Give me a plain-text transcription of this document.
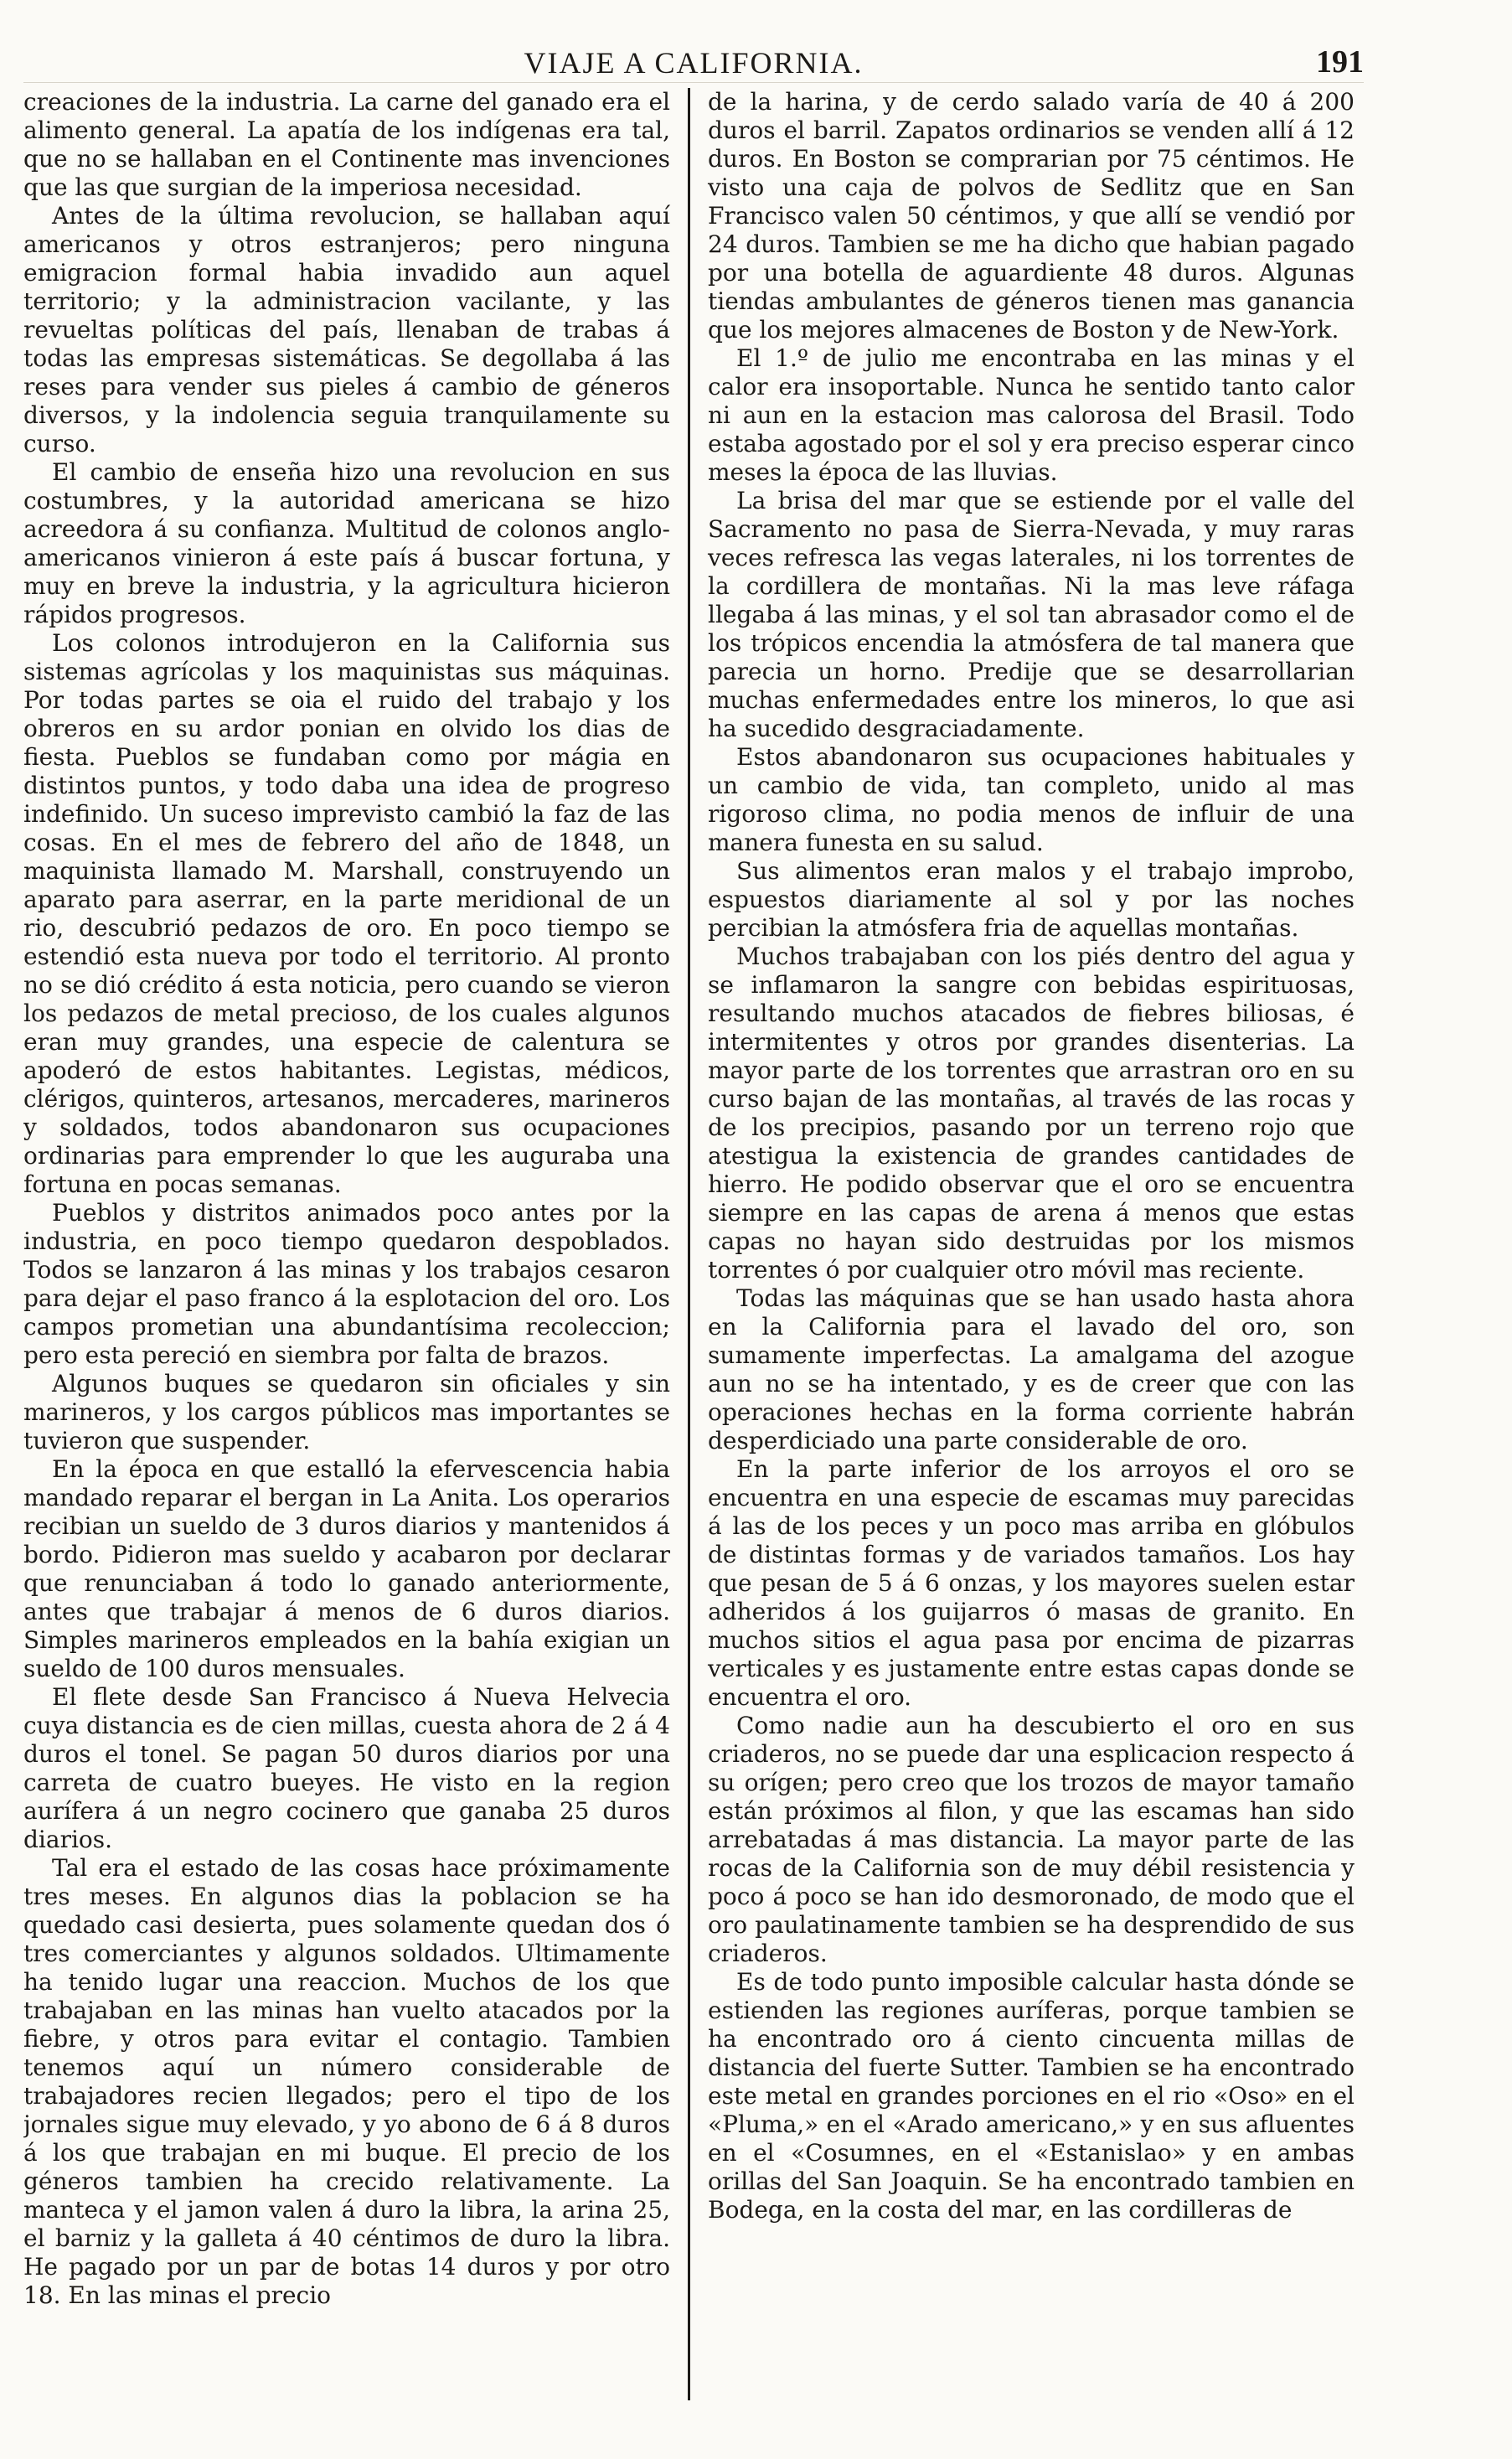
VIAJE A CALIFORNIA.	191

creaciones de la industria. La carne del ganado era el alimento general. La apatía de los indígenas era tal, que no se hallaban en el Continente mas invenciones que las que surgian de la imperiosa necesidad.

Antes de la última revolucion, se hallaban aquí americanos y otros estranjeros; pero ninguna emigracion formal habia invadido aun aquel territorio; y la administracion vacilante, y las revueltas políticas del país, llenaban de trabas á todas las empresas sistemáticas. Se degollaba á las reses para vender sus pieles á cambio de géneros diversos, y la indolencia seguia tranquilamente su curso.

El cambio de enseña hizo una revolucion en sus costumbres, y la autoridad americana se hizo acreedora á su confianza. Multitud de colonos anglo-americanos vinieron á este país á buscar fortuna, y muy en breve la industria, y la agricultura hicieron rápidos progresos.

Los colonos introdujeron en la California sus sistemas agrícolas y los maquinistas sus máquinas. Por todas partes se oia el ruido del trabajo y los obreros en su ardor ponian en olvido los dias de fiesta. Pueblos se fundaban como por mágia en distintos puntos, y todo daba una idea de progreso indefinido. Un suceso imprevisto cambió la faz de las cosas. En el mes de febrero del año de 1848, un maquinista llamado M. Marshall, construyendo un aparato para aserrar, en la parte meridional de un rio, descubrió pedazos de oro. En poco tiempo se estendió esta nueva por todo el territorio. Al pronto no se dió crédito á esta noticia, pero cuando se vieron los pedazos de metal precioso, de los cuales algunos eran muy grandes, una especie de calentura se apoderó de estos habitantes. Legistas, médicos, clérigos, quinteros, artesanos, mercaderes, marineros y soldados, todos abandonaron sus ocupaciones ordinarias para emprender lo que les auguraba una fortuna en pocas semanas.

Pueblos y distritos animados poco antes por la industria, en poco tiempo quedaron despoblados. Todos se lanzaron á las minas y los trabajos cesaron para dejar el paso franco á la esplotacion del oro. Los campos prometian una abundantísima recoleccion; pero esta pereció en siembra por falta de brazos.

Algunos buques se quedaron sin oficiales y sin marineros, y los cargos públicos mas importantes se tuvieron que suspender.

En la época en que estalló la efervescencia habia mandado reparar el bergan in La Anita. Los operarios recibian un sueldo de 3 duros diarios y mantenidos á bordo. Pidieron mas sueldo y acabaron por declarar que renunciaban á todo lo ganado anteriormente, antes que trabajar á menos de 6 duros diarios. Simples marineros empleados en la bahía exigian un sueldo de 100 duros mensuales.

El flete desde San Francisco á Nueva Helvecia cuya distancia es de cien millas, cuesta ahora de 2 á 4 duros el tonel. Se pagan 50 duros diarios por una carreta de cuatro bueyes. He visto en la region aurífera á un negro cocinero que ganaba 25 duros diarios.

Tal era el estado de las cosas hace próximamente tres meses. En algunos dias la poblacion se ha quedado casi desierta, pues solamente quedan dos ó tres comerciantes y algunos soldados. Ultimamente ha tenido lugar una reaccion. Muchos de los que trabajaban en las minas han vuelto atacados por la fiebre, y otros para evitar el contagio. Tambien tenemos aquí un número considerable de trabajadores recien llegados; pero el tipo de los jornales sigue muy elevado, y yo abono de 6 á 8 duros á los que trabajan en mi buque. El precio de los géneros tambien ha crecido relativamente. La manteca y el jamon valen á duro la libra, la arina 25, el barniz y la galleta á 40 céntimos de duro la libra. He pagado por un par de botas 14 duros y por otro 18. En las minas el precio

de la harina, y de cerdo salado varía de 40 á 200 duros el barril. Zapatos ordinarios se venden allí á 12 duros. En Boston se comprarian por 75 céntimos. He visto una caja de polvos de Sedlitz que en San Francisco valen 50 céntimos, y que allí se vendió por 24 duros. Tambien se me ha dicho que habian pagado por una botella de aguardiente 48 duros. Algunas tiendas ambulantes de géneros tienen mas ganancia que los mejores almacenes de Boston y de New-York.

El 1.º de julio me encontraba en las minas y el calor era insoportable. Nunca he sentido tanto calor ni aun en la estacion mas calorosa del Brasil. Todo estaba agostado por el sol y era preciso esperar cinco meses la época de las lluvias.

La brisa del mar que se estiende por el valle del Sacramento no pasa de Sierra-Nevada, y muy raras veces refresca las vegas laterales, ni los torrentes de la cordillera de montañas. Ni la mas leve ráfaga llegaba á las minas, y el sol tan abrasador como el de los trópicos encendia la atmósfera de tal manera que parecia un horno. Predije que se desarrollarian muchas enfermedades entre los mineros, lo que asi ha sucedido desgraciadamente.

Estos abandonaron sus ocupaciones habituales y un cambio de vida, tan completo, unido al mas rigoroso clima, no podia menos de influir de una manera funesta en su salud.

Sus alimentos eran malos y el trabajo improbo, espuestos diariamente al sol y por las noches percibian la atmósfera fria de aquellas montañas.

Muchos trabajaban con los piés dentro del agua y se inflamaron la sangre con bebidas espirituosas, resultando muchos atacados de fiebres biliosas, é intermitentes y otros por grandes disenterias. La mayor parte de los torrentes que arrastran oro en su curso bajan de las montañas, al través de las rocas y de los precipios, pasando por un terreno rojo que atestigua la existencia de grandes cantidades de hierro. He podido observar que el oro se encuentra siempre en las capas de arena á menos que estas capas no hayan sido destruidas por los mismos torrentes ó por cualquier otro móvil mas reciente.

Todas las máquinas que se han usado hasta ahora en la California para el lavado del oro, son sumamente imperfectas. La amalgama del azogue aun no se ha intentado, y es de creer que con las operaciones hechas en la forma corriente habrán desperdiciado una parte considerable de oro.

En la parte inferior de los arroyos el oro se encuentra en una especie de escamas muy parecidas á las de los peces y un poco mas arriba en glóbulos de distintas formas y de variados tamaños. Los hay que pesan de 5 á 6 onzas, y los mayores suelen estar adheridos á los guijarros ó masas de granito. En muchos sitios el agua pasa por encima de pizarras verticales y es justamente entre estas capas donde se encuentra el oro.

Como nadie aun ha descubierto el oro en sus criaderos, no se puede dar una esplicacion respecto á su orígen; pero creo que los trozos de mayor tamaño están próximos al filon, y que las escamas han sido arrebatadas á mas distancia. La mayor parte de las rocas de la California son de muy débil resistencia y poco á poco se han ido desmoronado, de modo que el oro paulatinamente tambien se ha desprendido de sus criaderos.

Es de todo punto imposible calcular hasta dónde se estienden las regiones auríferas, porque tambien se ha encontrado oro á ciento cincuenta millas de distancia del fuerte Sutter. Tambien se ha encontrado este metal en grandes porciones en el rio «Oso» en el «Pluma,» en el «Arado americano,» y en sus afluentes en el «Cosumnes, en el «Estanislao» y en ambas orillas del San Joaquin. Se ha encontrado tambien en Bodega, en la costa del mar, en las cordilleras de
